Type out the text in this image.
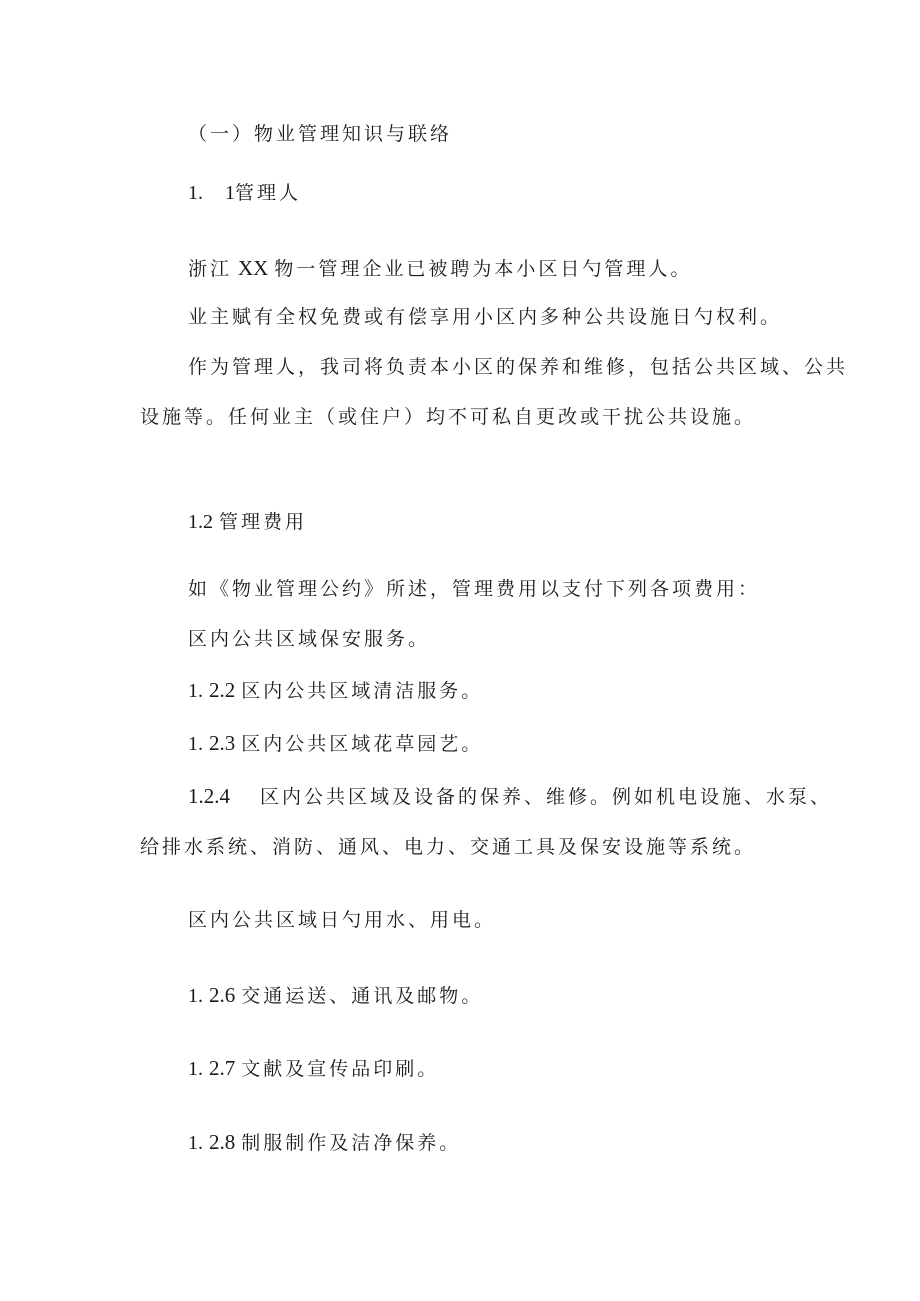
（一）物业管理知识与联络
1. 1管理人
浙江 XX 物一管理企业已被聘为本小区日勺管理人。
业主赋有全权免费或有偿享用小区内多种公共设施日勺权利。
作为管理人，我司将负责本小区的保养和维修，包括公共区域、公共
设施等。任何业主（或住户）均不可私自更改或干扰公共设施。
1.2 管理费用
如《物业管理公约》所述，管理费用以支付下列各项费用：
区内公共区域保安服务。
1. 2.2 区内公共区域清洁服务。
1. 2.3 区内公共区域花草园艺。
1.2.4 区内公共区域及设备的保养、维修。例如机电设施、水泵、
给排水系统、消防、通风、电力、交通工具及保安设施等系统。
区内公共区域日勺用水、用电。
1. 2.6 交通运送、通讯及邮物。
1. 2.7 文献及宣传品印刷。
1. 2.8 制服制作及洁净保养。
